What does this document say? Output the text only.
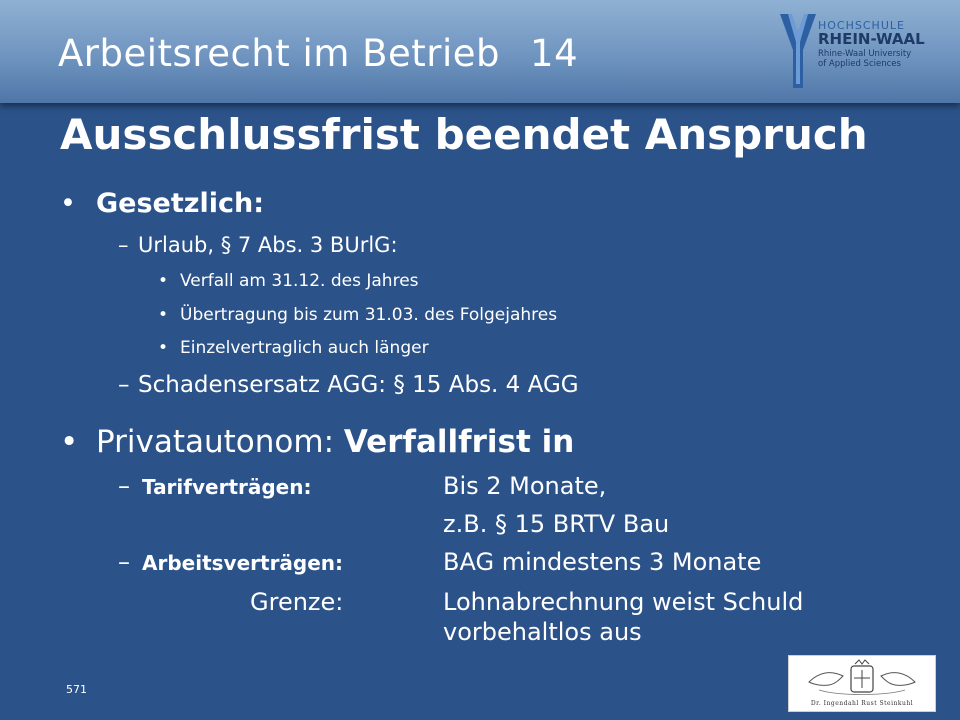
Arbeitsrecht im Betrieb 14
HOCHSCHULE
RHEIN-WAAL
Rhine-Waal University
of Applied Sciences
Ausschlussfrist beendet Anspruch
• Gesetzlich:
– Urlaub, § 7 Abs. 3 BUrlG:
• Verfall am 31.12. des Jahres
• Übertragung bis zum 31.03. des Folgejahres
• Einzelvertraglich auch länger
– Schadensersatz AGG: § 15 Abs. 4 AGG
• Privatautonom: Verfallfrist in
– Tarifverträgen:	Bis 2 Monate,
z.B. § 15 BRTV Bau
– Arbeitsverträgen:	BAG mindestens 3 Monate
Grenze:	Lohnabrechnung weist Schuld
vorbehaltlos aus
571
Dr. Ingendahl Rust Steinkuhl
